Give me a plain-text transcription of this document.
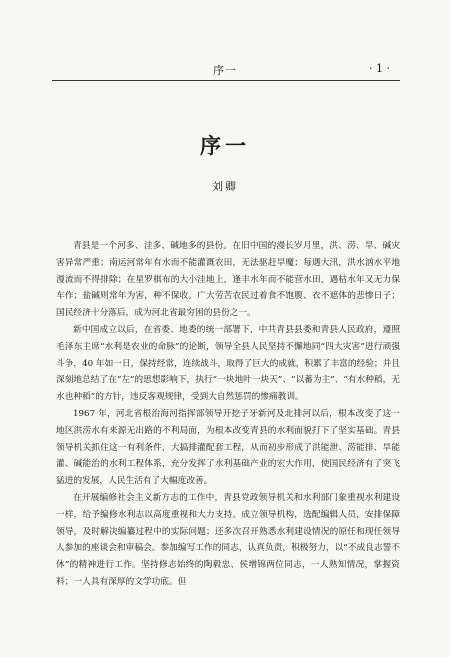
序一	· 1 ·
序一
刘卿

青县是一个河多、洼多、碱地多的县份。在旧中国的漫长岁月里，洪、涝、旱、碱灾害异常严重；南运河常年有水而不能灌溉农田，无法驱赶旱魔；每遇大汛，洪水汹水平地漫流而不得排除；在星罗棋布的大小洼地上，逢丰水年而不能营水田，遇枯水年又无力保车作；盐碱则常年为害，种不保收。广大劳苦农民过着食不饱腹、衣不遮体的悲惨日子；国民经济十分落后，成为河北省最穷困的县份之一。

新中国成立以后，在省委、地委的统一部署下，中共青县县委和青县人民政府，遵照毛泽东主席“水利是农业的命脉”的论断，领导全县人民坚持不懈地同“四大灾害”进行顽强斗争，40 年如一日，保持经常，连续战斗，取得了巨大的成就，积累了丰富的经验；并且深刻地总结了在“左”的思想影响下，执行“一块地叶一块天”、“以蓄为主”、“有水种稻，无水也种稻”的方针，违反客观规律，受到大自然惩罚的惨痛教训。

1967 年，河北省根治海河指挥部领导开挖子牙新河及北排河以后，根本改变了这一地区洪涝水有来源无出路的不利局面，为根本改变青县的水利面貌打下了坚实基础。青县领导机关抓住这一有利条件，大搞排灌配套工程，从而初步形成了洪能泄、涝能排、旱能灌、碱能治的水利工程体系，充分发挥了水利基础产业的宏大作用，使国民经济有了突飞猛进的发展，人民生活有了大幅度改善。

在开展编修社会主义新方志的工作中，青县党政领导机关和水利部门象重视水利建设一样，给予编修水利志以高度重视和大力支持。成立领导机构，选配编辑人员，安排保障领导，及时解决编纂过程中的实际问题；还多次召开熟悉水利建设情况的原任和现任领导人参加的座谈会和审稿会。参加编写工作的同志，认真负责，积极努力，以“不成良志誓不休”的精神进行工作。坚持修志始终的陶毅忠、侯增锦两位同志，一人熟知情况，掌握资料；一人具有深厚的文学功底。但
